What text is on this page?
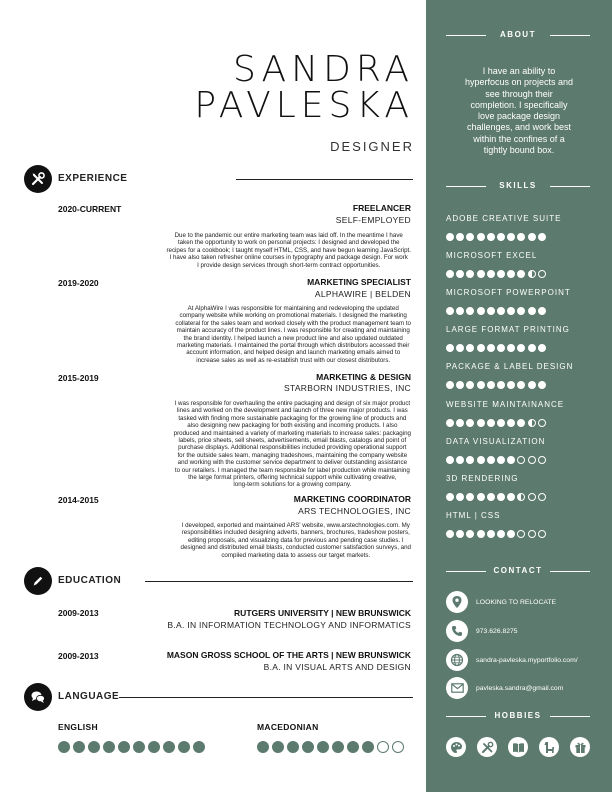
SANDRA
PAVLESKA
DESIGNER
EXPERIENCE
2020-CURRENT	FREELANCER
SELF-EMPLOYED
Due to the pandemic our entire marketing team was laid off. In the meantime I have
taken the opportunity to work on personal projects: I designed and developed the
recipes for a cookbook; I taught myself HTML, CSS, and have begun learning JavaScript.
I have also taken refresher online courses in typography and package design. For work
I provide design services through short-term contract opportunities.
2019-2020	MARKETING SPECIALIST
ALPHAWIRE | BELDEN
At AlphaWire I was responsible for maintaining and redeveloping the updated
company website while working on promotional materials. I designed the marketing
collateral for the sales team and worked closely with the product management team to
maintain accuracy of the product lines. I was responsible for creating and maintaining
the brand identity. I helped launch a new product line and also updated outdated
marketing materials. I maintained the portal through which distributors accessed their
account information, and helped design and launch marketing emails aimed to
increase sales as well as re-establish trust with our closest distributors.
2015-2019	MARKETING & DESIGN
STARBORN INDUSTRIES, INC
I was responsible for overhauling the entire packaging and design of six major product
lines and worked on the development and launch of three new major products. I was
tasked with finding more sustainable packaging for the growing line of products and
also designing new packaging for both existing and incoming products. I also
produced and maintained a variety of marketing materials to increase sales: packaging
labels, price sheets, sell sheets, advertisements, email blasts, catalogs and point of
purchase displays. Additional responsibilities included providing operational support
for the outside sales team, managing tradeshows, maintaining the company website
and working with the customer service department to deliver outstanding assistance
to our retailers. I managed the team responsible for label production while maintaining
the large format printers, offering technical support while cultivating creative,
long-term solutions for a growing company.
2014-2015	MARKETING COORDINATOR
ARS TECHNOLOGIES, INC
I developed, exported and maintained ARS' website, www.arstechnologies.com. My
responsibilities included designing adverts, banners, brochures, tradeshow posters,
editing proposals, and visualizing data for previous and pending case studies. I
designed and distributed email blasts, conducted customer satisfaction surveys, and
compiled marketing data to assess our target markets.
EDUCATION
2009-2013	RUTGERS UNIVERSITY | NEW BRUNSWICK
B.A. IN INFORMATION TECHNOLOGY AND INFORMATICS
2009-2013	MASON GROSS SCHOOL OF THE ARTS | NEW BRUNSWICK
B.A. IN VISUAL ARTS AND DESIGN
LANGUAGE
ENGLISH	MACEDONIAN
ABOUT
I have an ability to
hyperfocus on projects and
see through their
completion. I specifically
love package design
challenges, and work best
within the confines of a
tightly bound box.
SKILLS
ADOBE CREATIVE SUITE
MICROSOFT EXCEL
MICROSOFT POWERPOINT
LARGE FORMAT PRINTING
PACKAGE & LABEL DESIGN
WEBSITE MAINTAINANCE
DATA VISUALIZATION
3D RENDERING
HTML | CSS
CONTACT
LOOKING TO RELOCATE
973.626.8275
sandra-pavleska.myportfolio.com/
pavleska.sandra@gmail.com
HOBBIES
